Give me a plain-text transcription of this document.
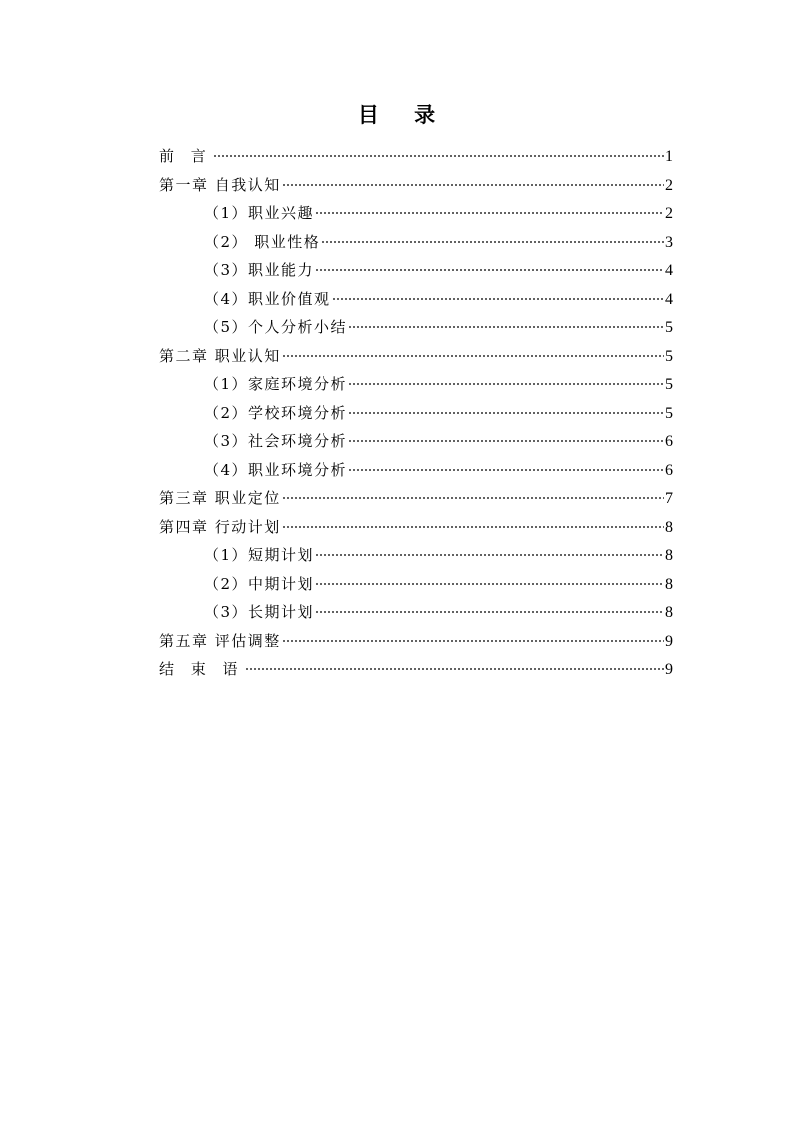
目 录
前 言	1
第一章 自我认知	2
（1）职业兴趣	2
（2） 职业性格	3
（3）职业能力	4
（4）职业价值观	4
（5）个人分析小结	5
第二章 职业认知	5
（1）家庭环境分析	5
（2）学校环境分析	5
（3）社会环境分析	6
（4）职业环境分析	6
第三章 职业定位	7
第四章 行动计划	8
（1）短期计划	8
（2）中期计划	8
（3）长期计划	8
第五章 评估调整	9
结 束 语	9
